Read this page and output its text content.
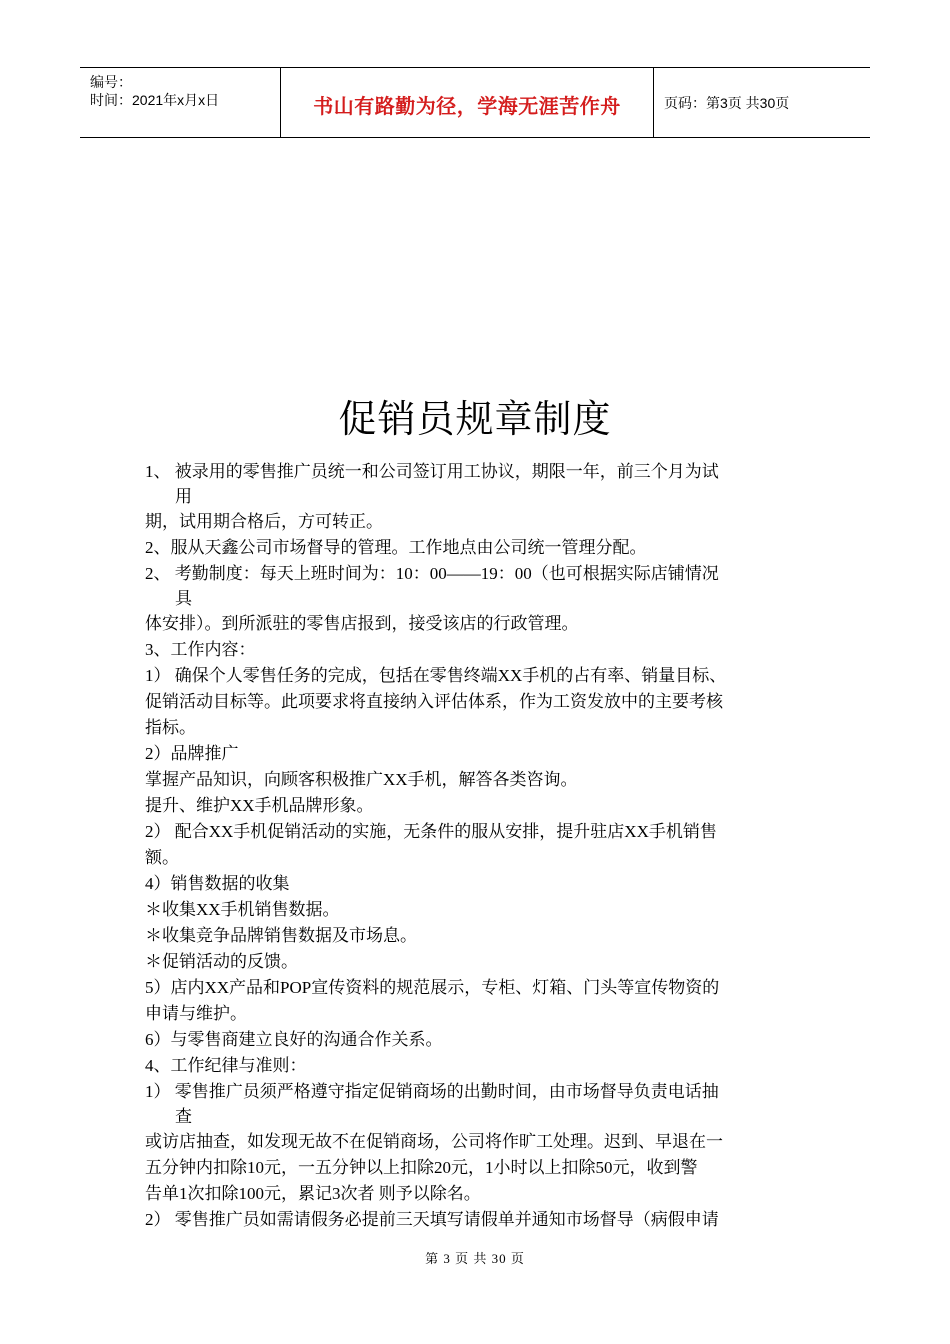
编号：
时间：2021年x月x日	书山有路勤为径，学海无涯苦作舟	页码：第3页 共30页
促销员规章制度
1、 被录用的零售推广员统一和公司签订用工协议，期限一年，前三个月为试
用
期，试用期合格后，方可转正。
2、服从天鑫公司市场督导的管理。工作地点由公司统一管理分配。
2、 考勤制度：每天上班时间为：10：00——19：00（也可根据实际店铺情况
具
体安排）。到所派驻的零售店报到，接受该店的行政管理。
3、工作内容：
1） 确保个人零售任务的完成，包括在零售终端XX手机的占有率、销量目标、
促销活动目标等。此项要求将直接纳入评估体系，作为工资发放中的主要考核
指标。
2）品牌推广
掌握产品知识，向顾客积极推广XX手机，解答各类咨询。
提升、维护XX手机品牌形象。
2） 配合XX手机促销活动的实施，无条件的服从安排，提升驻店XX手机销售
额。
4）销售数据的收集
＊收集XX手机销售数据。
＊收集竞争品牌销售数据及市场息。
＊促销活动的反馈。
5）店内XX产品和POP宣传资料的规范展示，专柜、灯箱、门头等宣传物资的
申请与维护。
6）与零售商建立良好的沟通合作关系。
4、工作纪律与准则：
1） 零售推广员须严格遵守指定促销商场的出勤时间，由市场督导负责电话抽
查
或访店抽查，如发现无故不在促销商场，公司将作旷工处理。迟到、早退在一
五分钟内扣除10元，一五分钟以上扣除20元，1小时以上扣除50元，收到警
告单1次扣除100元，累记3次者 则予以除名。
2） 零售推广员如需请假务必提前三天填写请假单并通知市场督导（病假申请
第 3 页 共 30 页
